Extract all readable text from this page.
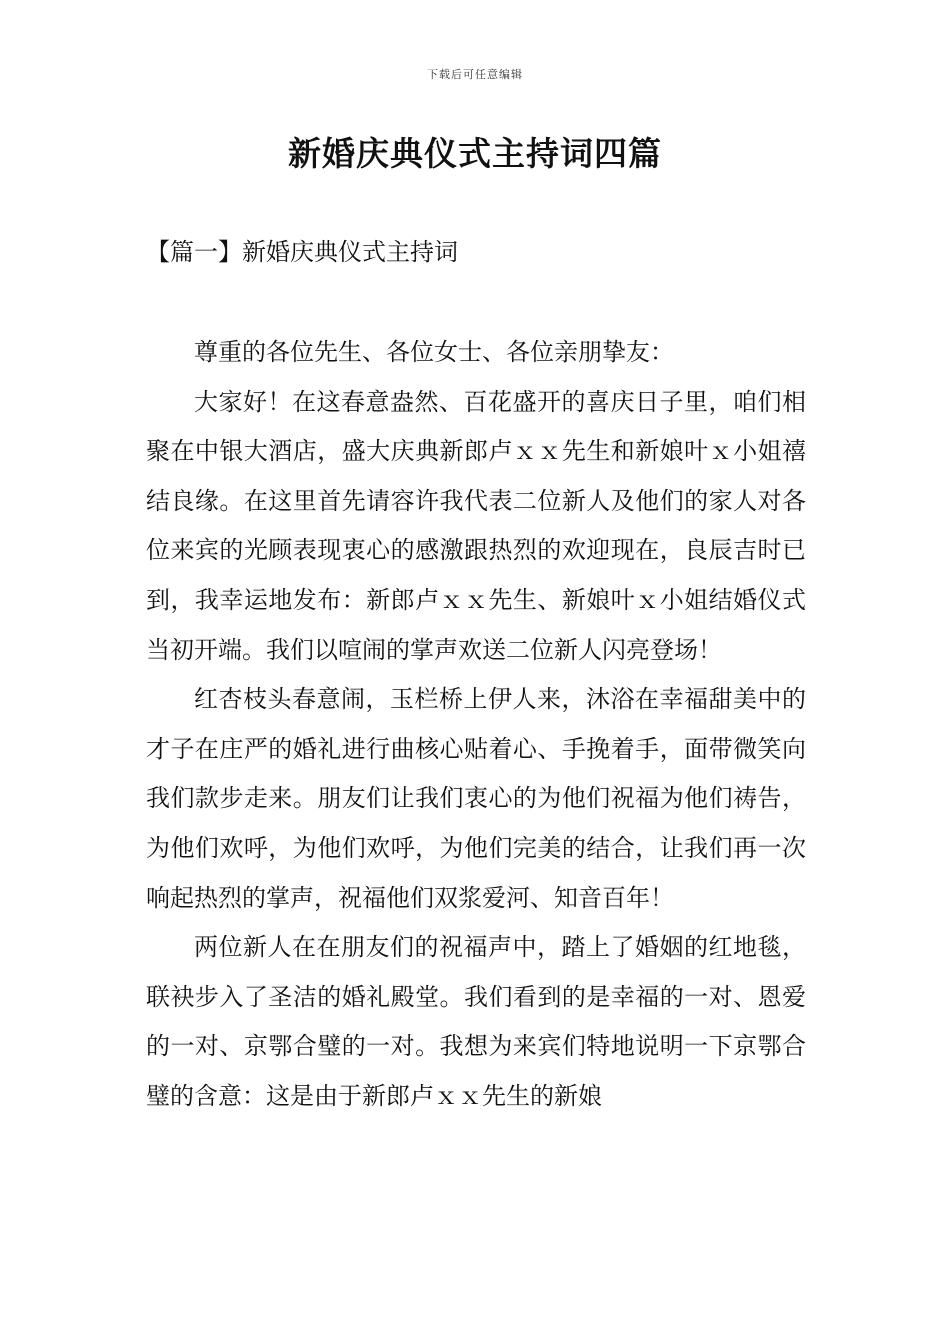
下载后可任意编辑
新婚庆典仪式主持词四篇
【篇一】新婚庆典仪式主持词

尊重的各位先生、各位女士、各位亲朋挚友：

大家好！在这春意盎然、百花盛开的喜庆日子里，咱们相聚在中银大酒店，盛大庆典新郎卢ｘｘ先生和新娘叶ｘ小姐禧结良缘。在这里首先请容许我代表二位新人及他们的家人对各位来宾的光顾表现衷心的感激跟热烈的欢迎现在，良辰吉时已到，我幸运地发布：新郎卢ｘｘ先生、新娘叶ｘ小姐结婚仪式当初开端。我们以喧闹的掌声欢送二位新人闪亮登场！

红杏枝头春意闹，玉栏桥上伊人来，沐浴在幸福甜美中的才子在庄严的婚礼进行曲核心贴着心、手挽着手，面带微笑向我们款步走来。朋友们让我们衷心的为他们祝福为他们祷告，为他们欢呼，为他们欢呼，为他们完美的结合，让我们再一次响起热烈的掌声，祝福他们双浆爱河、知音百年！

两位新人在在朋友们的祝福声中，踏上了婚姻的红地毯，联袂步入了圣洁的婚礼殿堂。我们看到的是幸福的一对、恩爱的一对、京鄂合璧的一对。我想为来宾们特地说明一下京鄂合璧的含意：这是由于新郎卢ｘｘ先生的新娘
